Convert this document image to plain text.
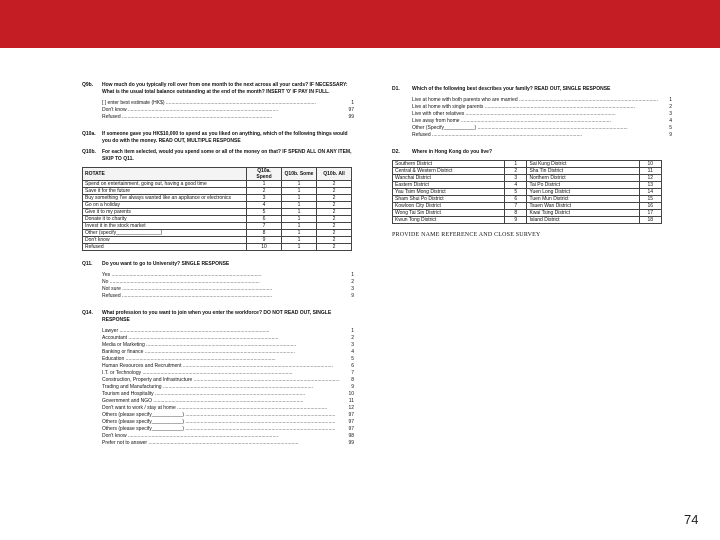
Q9b.	How much do you typically roll over from one month to the next across all your cards? IF NECESSARY: What is the usual total balance outstanding at the end of the month? INSERT '0' IF PAY IN FULL.
[ ] enter best estimate (HK$) .....	1
Don't know .....	97
Refused .....	99
Q10a.	If someone gave you HK$10,000 to spend as you liked on anything, which of the following things would you do with the money. READ OUT, MULTIPLE RESPONSE
Q10b.	For each item selected, would you spend some or all of the money on that? IF SPEND ALL ON ANY ITEM, SKIP TO Q11.
ROTATE	Q10a. Spend	Q10b. Some	Q10b. All
Spend on entertainment, going out, having a good time	1	1	2
Save it for the future	2	1	2
Buy something I've always wanted like an appliance or electronics	3	1	2
Go on a holiday	4	1	2
Give it to my parents	5	1	2
Donate it to charity	6	1	2
Invest it in the stock market	7	1	2
Other (specify________________)	8	1	2
Don't know	9	1	2
Refused	10	1	2
Q11.	Do you want to go to University? SINGLE RESPONSE
Yes .....	1
No .....	2
Not sure .....	3
Refused .....	9
Q14.	What profession to you want to join when you enter the workforce? DO NOT READ OUT, SINGLE RESPONSE
Lawyer .....	1
Accountant .....	2
Media or Marketing .....	3
Banking or finance .....	4
Education .....	5
Human Resources and Recruitment .....	6
I.T. or Technology .....	7
Construction, Property and Infrastructure .....	8
Trading and Manufacturing .....	9
Tourism and Hospitality .....	10
Government and NGO .....	11
Don't want to work / stay at home .....	12
Others (please specify___________) .....	97
Others (please specify___________) .....	97
Others (please specify___________) .....	97
Don't know .....	98
Prefer not to answer .....	99
D1.	Which of the following best describes your family? READ OUT, SINGLE RESPONSE
Live at home with both parents who are married .....	1
Live at home with single parents .....	2
Live with other relatives .....	3
Live away from home .....	4
Other (Specify___________) .....	5
Refused .....	9
D2.	Where in Hong Kong do you live?
Southern District	1	Sai Kung District	10
Central & Western District	2	Sha Tin District	11
Wanchai District	3	Northern District	12
Eastern District	4	Tai Po District	13
Yau Tsim Mong District	5	Yuen Long District	14
Sham Shui Po District	6	Tuen Mun District	15
Kowloon City District	7	Tsuen Wan District	16
Wong Tai Sin District	8	Kwai Tsing District	17
Kwun Tong District	9	Island District	18
PROVIDE NAME REFERENCE AND CLOSE SURVEY
74
